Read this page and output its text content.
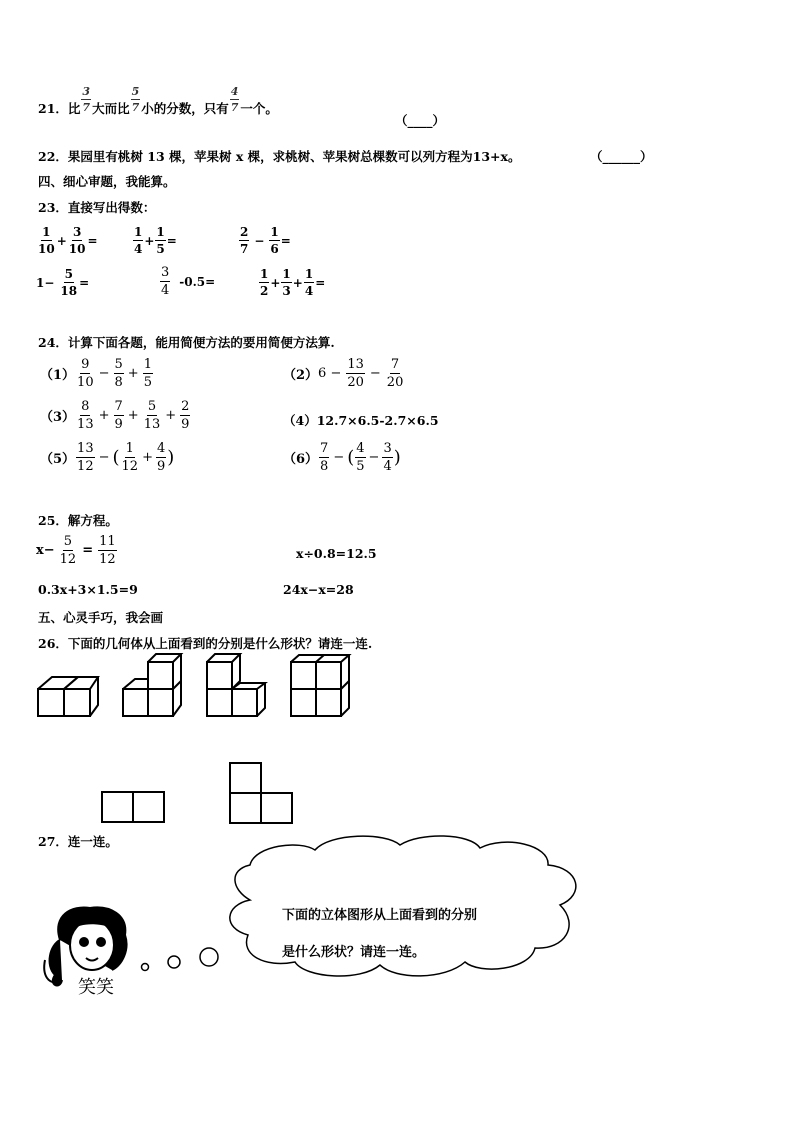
21．比 $\frac{3}{7}$ 大而比 $\frac{5}{7}$ 小的分数，只有 $\frac{4}{7}$ 一个。
（____）
22．果园里有桃树 13 棵，苹果树 x 棵，求桃树、苹果树总棵数可以列方程为13+x。	（______）
四、细心审题，我能算。
23．直接写出得数：
$\frac{1}{10} + \frac{3}{10}$ =	$\frac{1}{4} + \frac{1}{5}$ =	$\frac{2}{7} - \frac{1}{6}$ =
$1- \frac{5}{18}$ =	$\frac{3}{4} -0.5=$	$\frac{1}{2} + \frac{1}{3} + \frac{1}{4}$ =
24．计算下面各题，能用简便方法的要用简便方法算.
$(1) \frac{9}{10} - \frac{5}{8} + \frac{1}{5}$	$(2)6 - \frac{13}{20} - \frac{7}{20}$
$(3) \frac{8}{13} + \frac{7}{9} + \frac{5}{13} + \frac{2}{9}$	（4）12.7×6.5-2.7×6.5
$(5) \frac{13}{12}$ − ( $\frac{1}{12} + \frac{4}{9}$ )	$(6) \frac{7}{8}$ − ( $\frac{4}{5} - \frac{3}{4}$ )
25．解方程。
$x- \frac{5}{12} = \frac{11}{12}$	x÷0.8=12.5
0.3x+3×1.5=9	24x−x=28
五、心灵手巧，我会画
26．下面的几何体从上面看到的分别是什么形状？请连一连.
笑笑
27．连一连。
下面的立体图形从上面看到的分别
是什么形状？请连一连。
